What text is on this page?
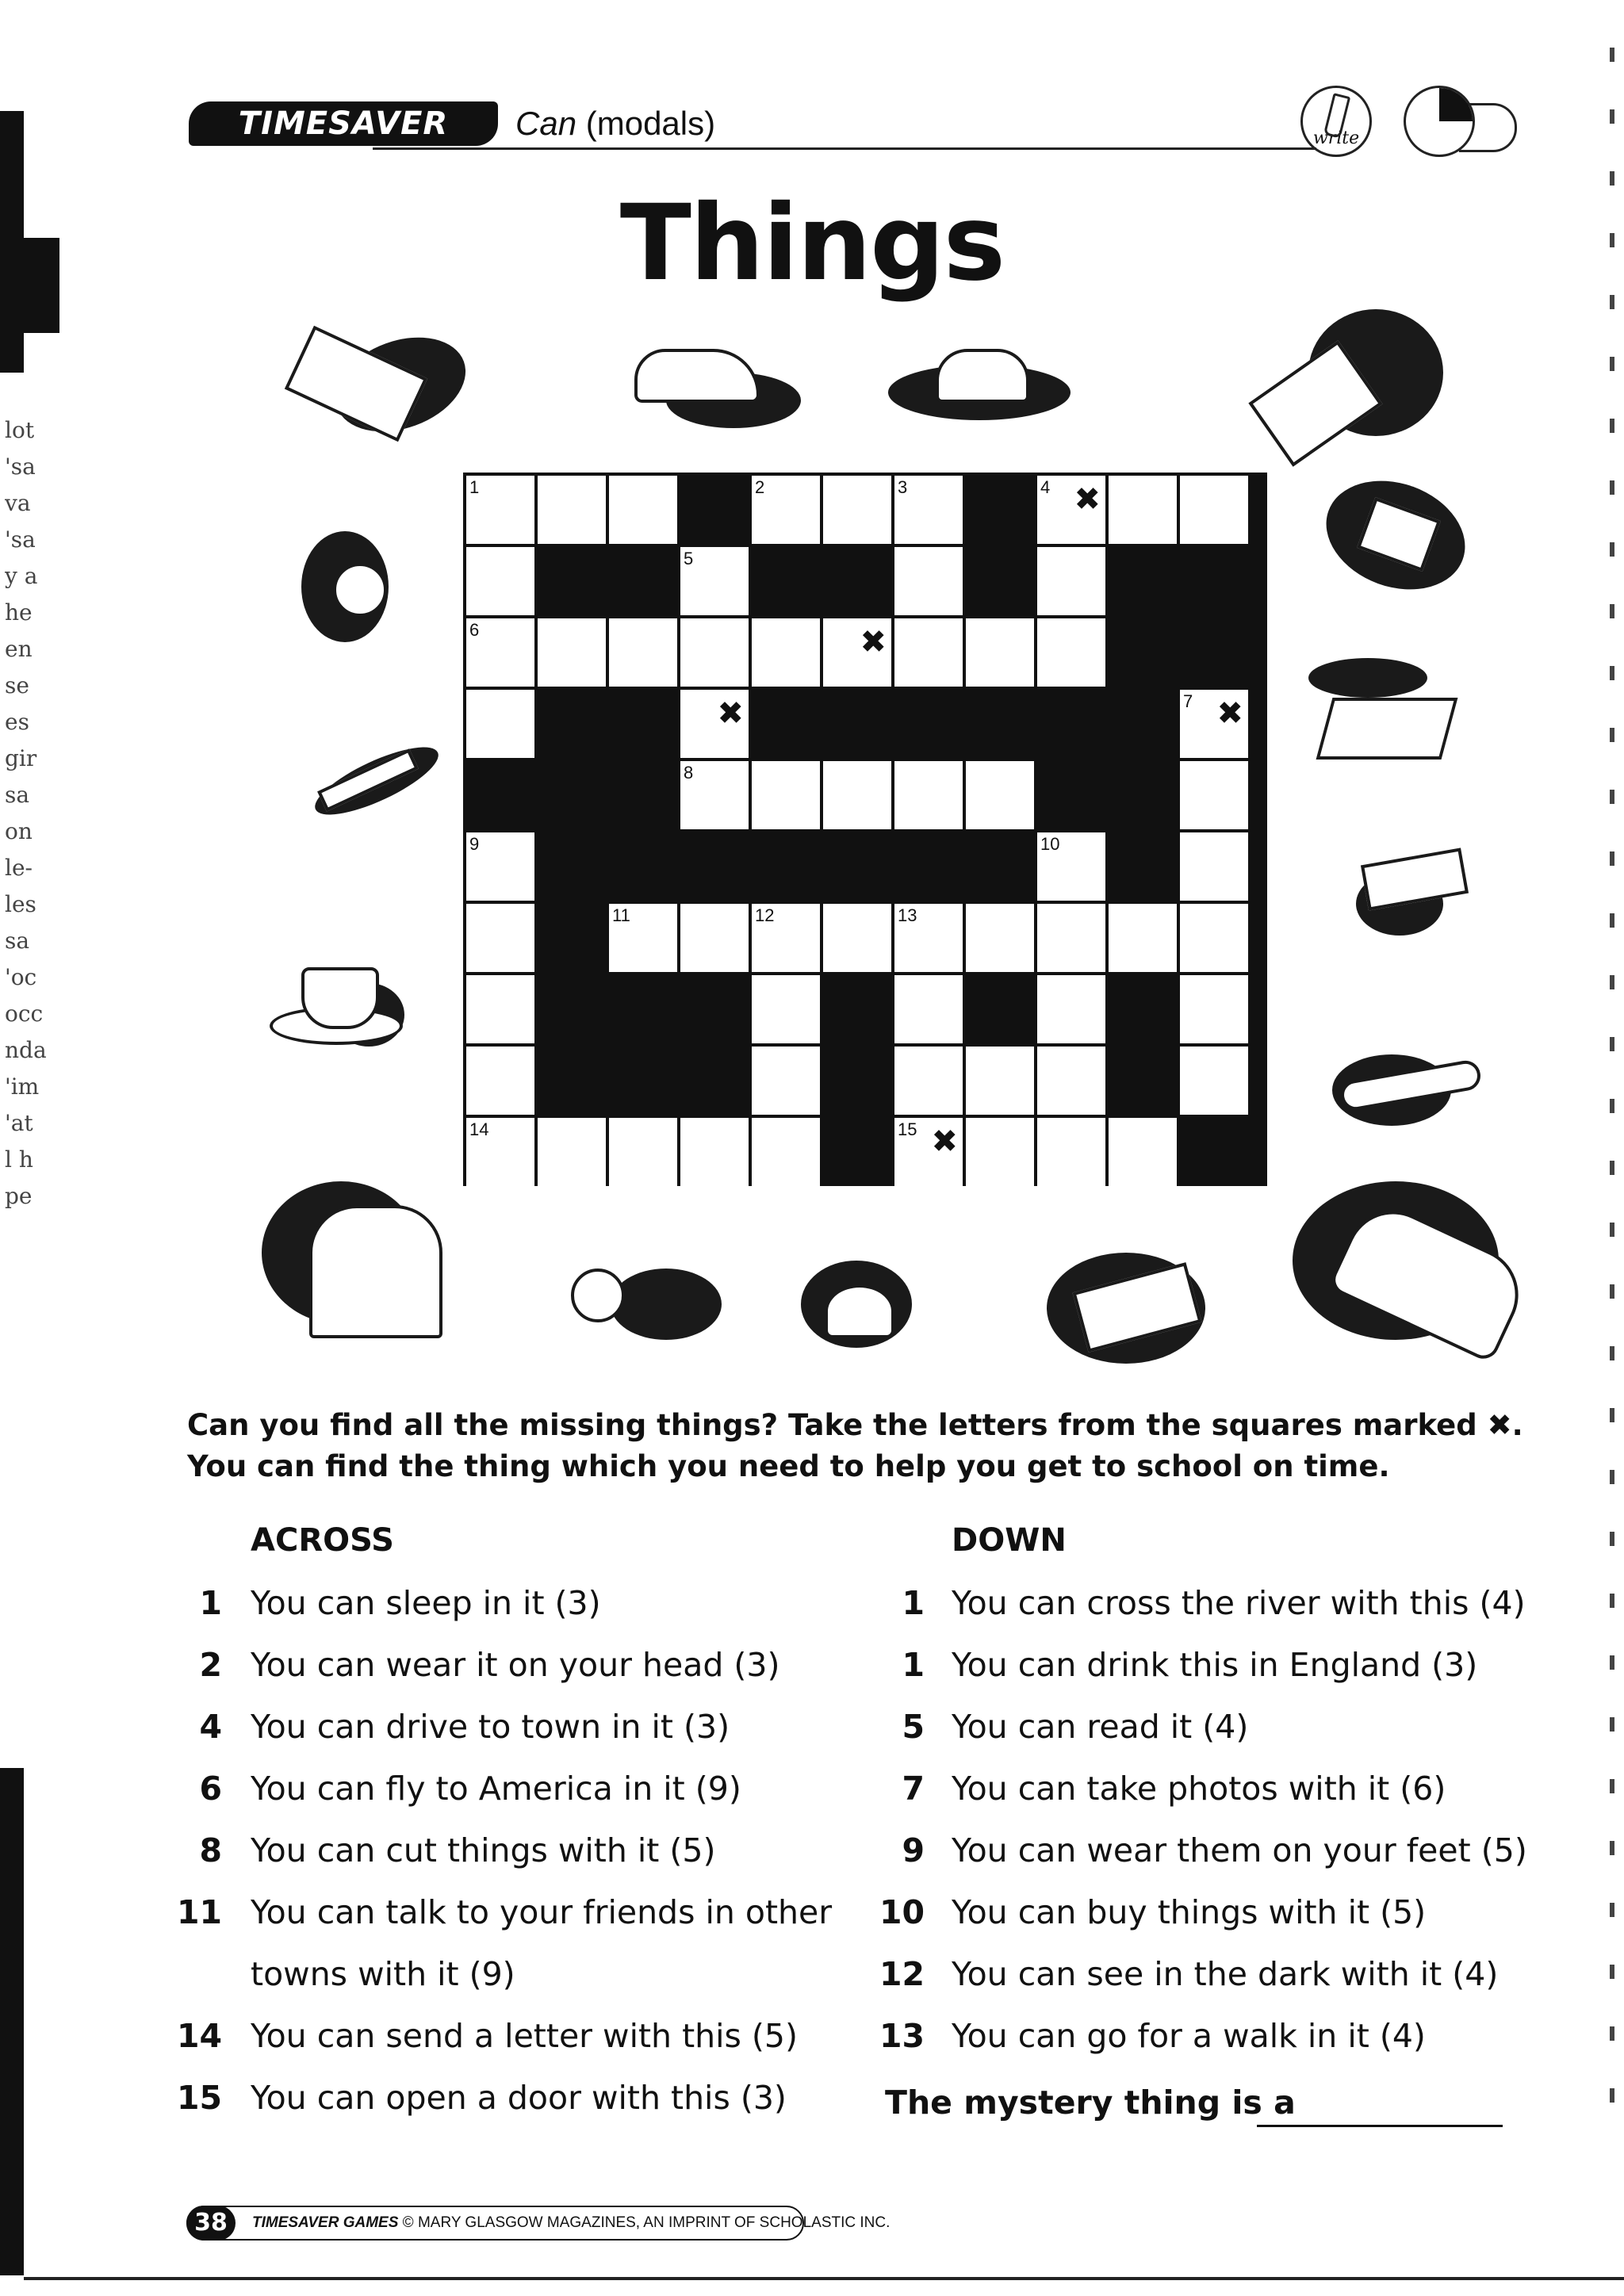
lot
'sa
va
'sa
y a
he
en
se
es
gir
sa
on
le-
les
sa
'oc
occ
nda
'im
'at
l h
pe
TIMESAVER GAMES
Can (modals)	write
Things
1	2	3	4 ✖
5
6	✖
✖	7 ✖
8
9	10
11	12	13
14	15 ✖
Can you find all the missing things? Take the letters from the squares marked ✖.
You can find the thing which you need to help you get to school on time.
ACROSS	DOWN
1 You can sleep in it (3)
2 You can wear it on your head (3)
4 You can drive to town in it (3)
6 You can fly to America in it (9)
8 You can cut things with it (5)
11 You can talk to your friends in other
towns with it (9)
14 You can send a letter with this (5)
15 You can open a door with this (3)
1 You can cross the river with this (4)
1 You can drink this in England (3)
5 You can read it (4)
7 You can take photos with it (6)
9 You can wear them on your feet (5)
10 You can buy things with it (5)
12 You can see in the dark with it (4)
13 You can go for a walk in it (4)
The mystery thing is a
38	TIMESAVER GAMES © MARY GLASGOW MAGAZINES, AN IMPRINT OF SCHOLASTIC INC.
